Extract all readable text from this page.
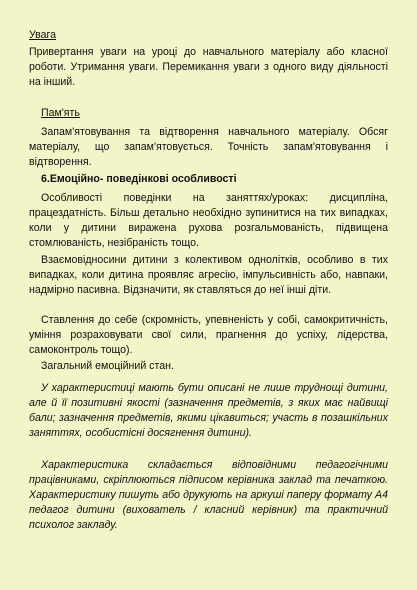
Увага
Привертання уваги на уроці до навчального матеріалу або класної роботи. Утримання уваги. Перемикання уваги з одного виду діяльності на інший.
Пам'ять
Запам'ятовування та відтворення навчального матеріалу. Обсяг матеріалу, що запам'ятовується. Точність запам'ятовування і відтворення.
6.Емоційно- поведінкові особливості
Особливості поведінки на заняттях/уроках: дисципліна, працездатність. Більш детально необхідно зупинитися на тих випадках, коли у дитини виражена рухова розгальмованість, підвищена стомлюваність, незібраність тощо.
Взаємовідносини дитини з колективом однолітків, особливо в тих випадках, коли дитина проявляє агресію, імпульсивність або, навпаки, надмірно пасивна. Відзначити, як ставляться до неї інші діти.
Ставлення до себе (скромність, упевненість у собі, самокритичність, уміння розраховувати свої сили, прагнення до успіху, лідерства, самоконтроль тощо).
Загальний емоційний стан.
У характеристиці мають бути описані не лише труднощі дитини, але й її позитивні якості (зазначення предметів, з яких має найвищі бали; зазначення предметів, якими цікавиться; участь в позашкільних заняттях, особистісні досягнення дитини).
Характеристика складається відповідними педагогічними працівниками, скріплюються підписом керівника заклад та печаткою. Характеристику пишуть або друкують на аркуші паперу формату А4 педагог дитини (вихователь / класний керівник) та практичний психолог закладу.
